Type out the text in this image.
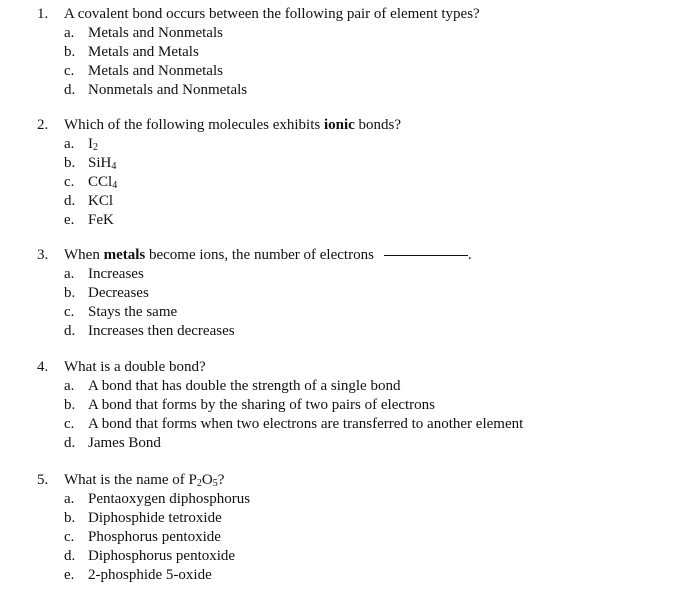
1. A covalent bond occurs between the following pair of element types?
a. Metals and Nonmetals
b. Metals and Metals
c. Metals and Nonmetals
d. Nonmetals and Nonmetals
2. Which of the following molecules exhibits ionic bonds?
a. $I_2$
b. SiH$_4$
c. CCl$_4$
d. KCl
e. FeK
3. When metals become ions, the number of electrons	.
a. Increases
b. Decreases
c. Stays the same
d. Increases then decreases
4. What is a double bond?
a. A bond that has double the strength of a single bond
b. A bond that forms by the sharing of two pairs of electrons
c. A bond that forms when two electrons are transferred to another element
d. James Bond
5. What is the name of $P_2O_5$?
a. Pentaoxygen diphosphorus
b. Diphosphide tetroxide
c. Phosphorus pentoxide
d. Diphosphorus pentoxide
e. 2-phosphide 5-oxide
